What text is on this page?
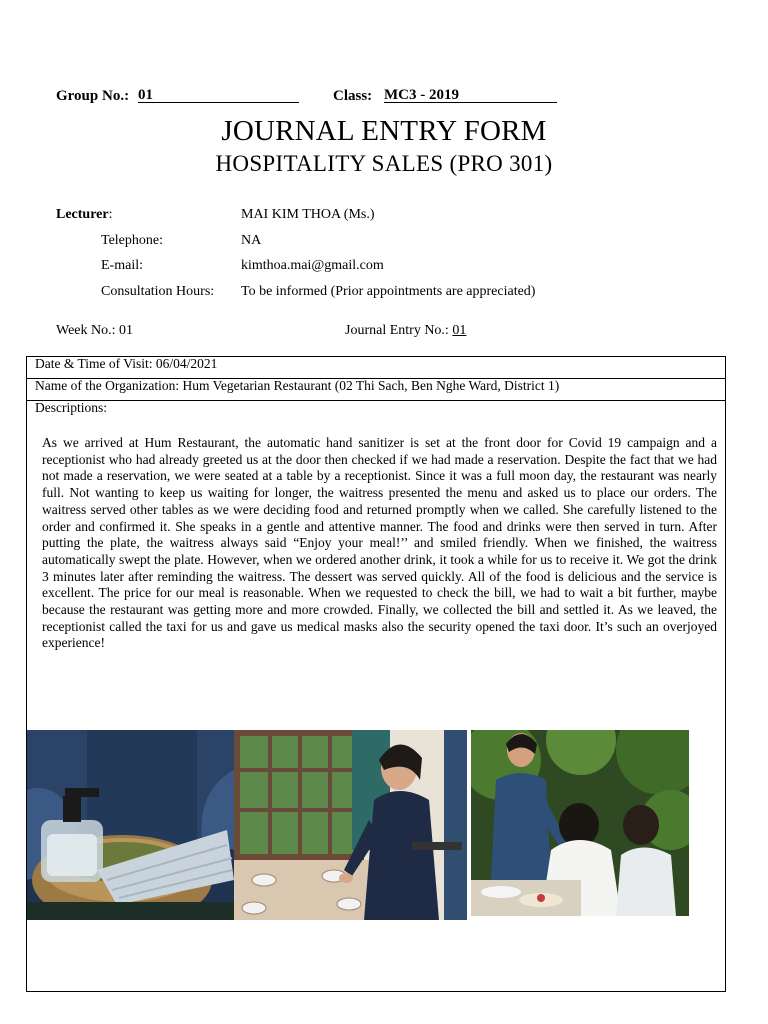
Group No.: 01	Class: MC3 - 2019
JOURNAL ENTRY FORM
HOSPITALITY SALES (PRO 301)
Lecturer:	MAI KIM THOA (Ms.)
Telephone:	NA
E-mail:	kimthoa.mai@gmail.com
Consultation Hours: To be informed (Prior appointments are appreciated)
Week No.: 01	Journal Entry No.: 01
Date & Time of Visit: 06/04/2021
Name of the Organization: Hum Vegetarian Restaurant (02 Thi Sach, Ben Nghe Ward, District 1)
Descriptions:

As we arrived at Hum Restaurant, the automatic hand sanitizer is set at the front door for Covid 19 campaign and a receptionist who had already greeted us at the door then checked if we had made a reservation. Despite the fact that we had not made a reservation, we were seated at a table by a receptionist. Since it was a full moon day, the restaurant was nearly full. Not wanting to keep us waiting for longer, the waitress presented the menu and asked us to place our orders. The waitress served other tables as we were deciding food and returned promptly when we called. She carefully listened to the order and confirmed it. She speaks in a gentle and attentive manner. The food and drinks were then served in turn. After putting the plate, the waitress always said “Enjoy your meal!’’ and smiled friendly. When we finished, the waitress automatically swept the plate. However, when we ordered another drink, it took a while for us to receive it. We got the drink 3 minutes later after reminding the waitress. The dessert was served quickly. All of the food is delicious and the service is excellent. The price for our meal is reasonable. When we requested to check the bill, we had to wait a bit further, maybe because the restaurant was getting more and more crowded. Finally, we collected the bill and settled it. As we leaved, the receptionist called the taxi for us and gave us medical masks also the security opened the taxi door. It’s such an overjoyed experience!
